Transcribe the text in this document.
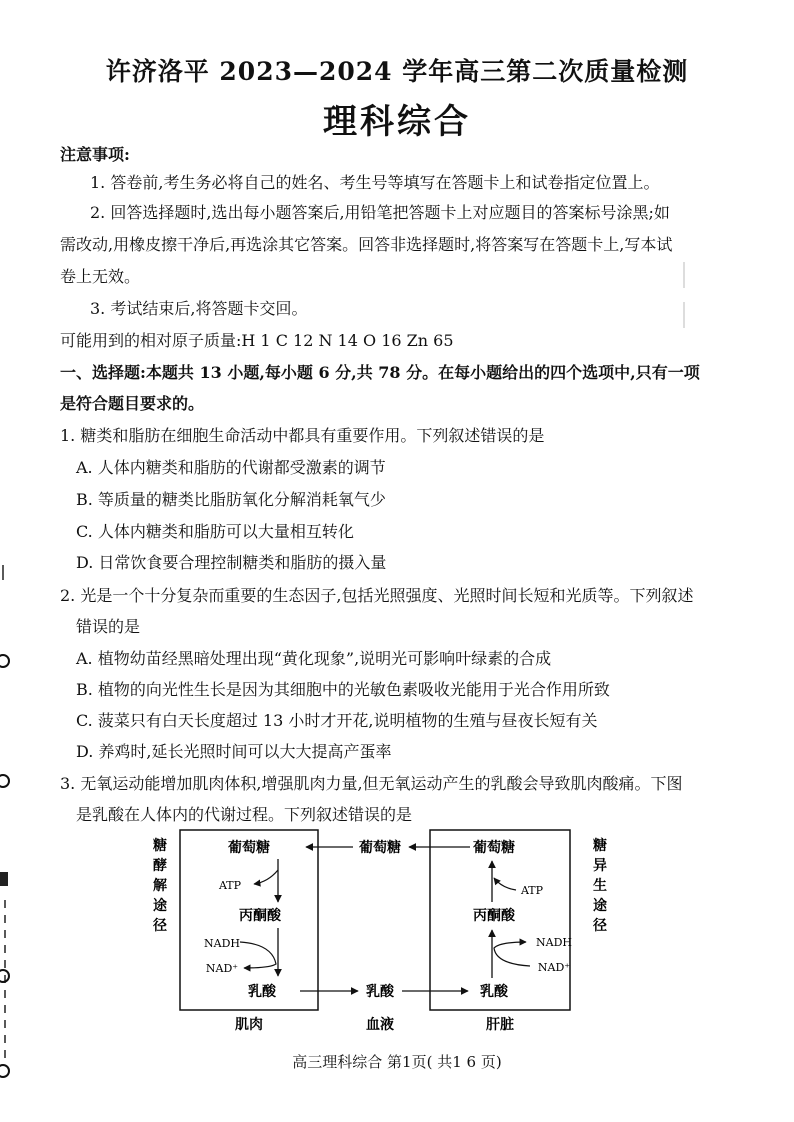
许济洛平 2023—2024 学年高三第二次质量检测
理科综合
注意事项:
1. 答卷前,考生务必将自己的姓名、考生号等填写在答题卡上和试卷指定位置上。
2. 回答选择题时,选出每小题答案后,用铅笔把答题卡上对应题目的答案标号涂黑;如
需改动,用橡皮擦干净后,再选涂其它答案。回答非选择题时,将答案写在答题卡上,写本试
卷上无效。
3. 考试结束后,将答题卡交回。
可能用到的相对原子质量:H 1 C 12 N 14 O 16 Zn 65
一、选择题:本题共 13 小题,每小题 6 分,共 78 分。在每小题给出的四个选项中,只有一项
是符合题目要求的。
1. 糖类和脂肪在细胞生命活动中都具有重要作用。下列叙述错误的是
A. 人体内糖类和脂肪的代谢都受激素的调节
B. 等质量的糖类比脂肪氧化分解消耗氧气少
C. 人体内糖类和脂肪可以大量相互转化
D. 日常饮食要合理控制糖类和脂肪的摄入量
2. 光是一个十分复杂而重要的生态因子,包括光照强度、光照时间长短和光质等。下列叙述
错误的是
A. 植物幼苗经黑暗处理出现“黄化现象”,说明光可影响叶绿素的合成
B. 植物的向光性生长是因为其细胞中的光敏色素吸收光能用于光合作用所致
C. 菠菜只有白天长度超过 13 小时才开花,说明植物的生殖与昼夜长短有关
D. 养鸡时,延长光照时间可以大大提高产蛋率
3. 无氧运动能增加肌肉体积,增强肌肉力量,但无氧运动产生的乳酸会导致肌肉酸痛。下图
是乳酸在人体内的代谢过程。下列叙述错误的是
糖
酵
解
途
径
糖
异
生
途
径
葡萄糖
ATP
丙酮酸
NADH
NAD⁺
乳酸
葡萄糖
乳酸
葡萄糖
ATP
丙酮酸
NADH
NAD⁺
乳酸
肌肉	血液	肝脏
高三理科综合 第1页( 共1 6 页)
